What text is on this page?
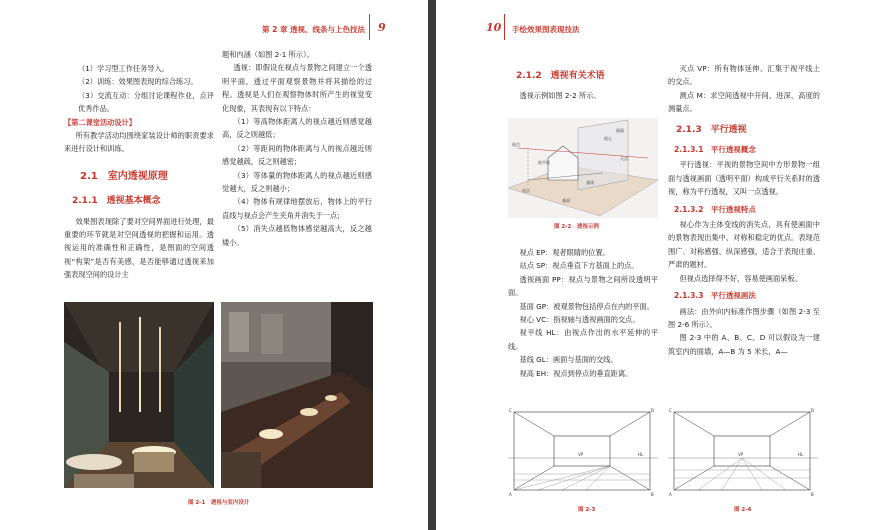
第 2 章 透视、线条与上色技法 9

（1）学习型工作任务导入。

（2）训练：效果图表现的综合练习。

（3）交流互动：分组讨论课程作业，点评优秀作品。

【第二课堂活动设计】

所有教学活动均围绕家装设计师的职责要求来进行设计和训练。

2.1　室内透视原理

2.1.1　透视基本概念

效果图表现除了要对空间界面进行处理，最重要的环节就是对空间透视的把握和运用。透视运用的准确性和正确性，是图面的空间透视“构架”是否有美感，是否能够通过透视来加强表现空间的设计主

题和内涵（如图 2-1 所示）。

透视：即假设在视点与景物之间建立一个透明平面，透过平面观察景物并将其描绘的过程。透视是人们在观察物体时所产生的视觉变化现象，其表现有以下特点：

（1）等高物体距离人的视点越近则感觉越高，反之则越低；

（2）等距间的物体距离与人的视点越近则感觉越疏，反之则越密；

（3）等体量的物体距离人的视点越近则感觉越大，反之则越小；

（4）物体有规律地摆放后，物体上的平行直线与视点会产生夹角并消失于一点；

（5）消失点越低物体感觉越高大，反之越矮小。

图 2-1　透视与室内设计
10 手绘效果图表现技法

2.1.2　透视有关术语

透视示例如图 2-2 所示。

视点
视心
视平线
灭点
画面
基线
站点
基面
图 2-2　透视示例

视点 EP：观者眼睛的位置。

站点 SP：视点垂直下方基面上的点。

透视画面 PP：视点与景物之间所设透明平面。

基面 GP：被观景物包括停点在内的平面。

视心 VC：指视轴与透视画面的交点。

视平线 HL：由视点作出的水平延伸的平线。

基线 GL：画面与基面的交线。

视高 EH：视点到停点的垂直距离。

灭点 VP：所有物体延伸、汇集于视平线上的交点。

测点 M：求空间透视中开间、进深、高度的测量点。

2.1.3　平行透视

2.1.3.1　平行透视概念

平行透视：平视的景物空间中方形景物一组面与透视画面（透明平面）构成平行关系时的透视，称为平行透视，又叫一点透视。

2.1.3.2　平行透视特点

视心作为主体变线的消失点，具有使画面中的景物表现出集中、对称和稳定的优点。表现范围广、对称感强、纵深感强，适合于表现庄重、严肃的题材。

但视点选择得不好，容易使画面呆板。

2.1.3.3　平行透视画法

画法：由外向内标准作图步骤（如图 2-3 至图 2-6 所示）。

图 2-3 中的 A、B、C、D 可以假设为一建筑室内的面墙，A—B 为 5 米长，A—

VP	HL
C	D
A	B
图 2-3
VP	HL
C	D
A	B
图 2-4
